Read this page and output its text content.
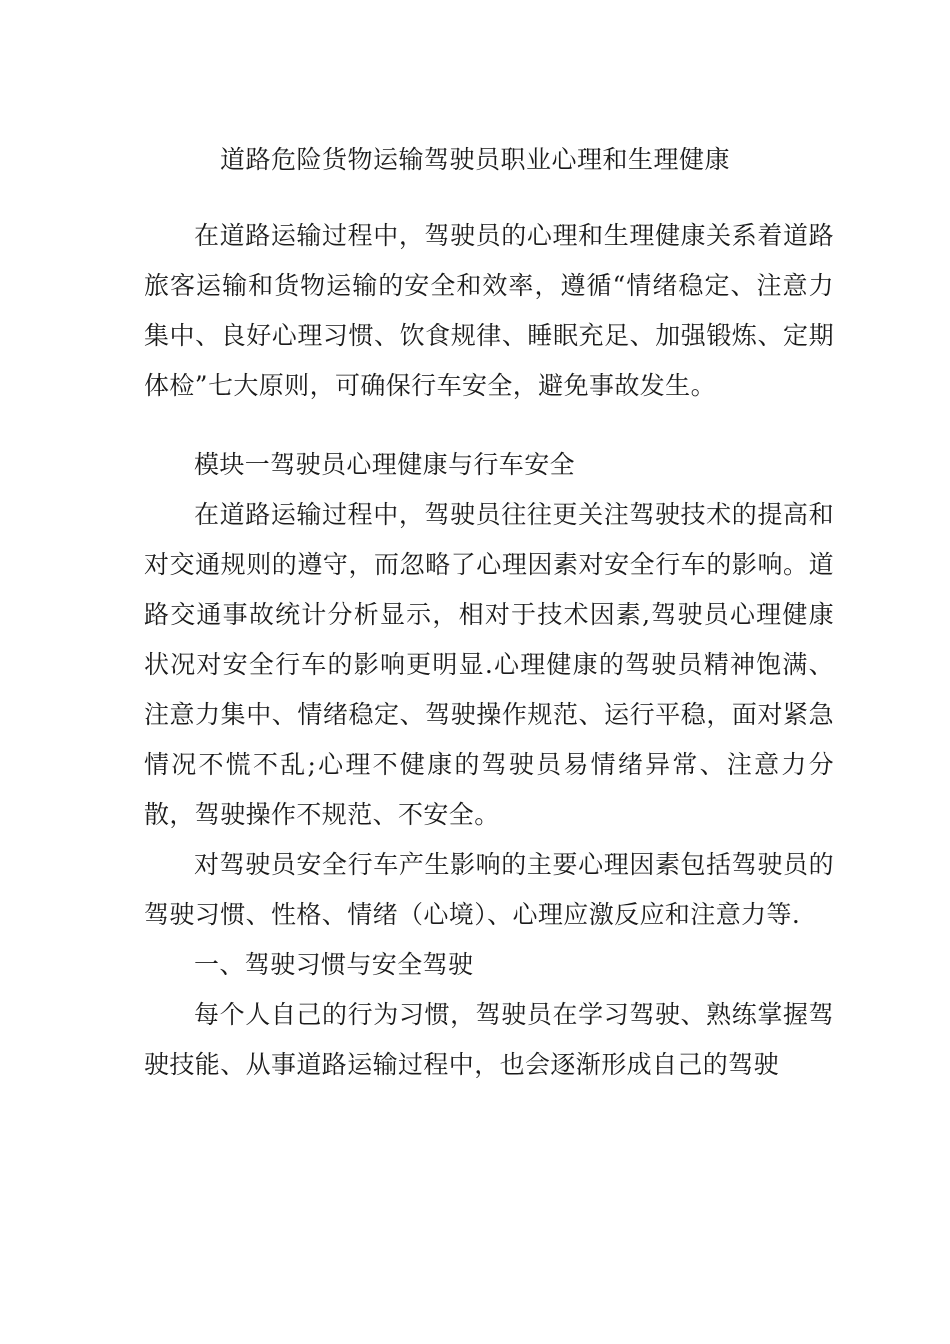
道路危险货物运输驾驶员职业心理和生理健康

在道路运输过程中，驾驶员的心理和生理健康关系着道路旅客运输和货物运输的安全和效率，遵循“情绪稳定、注意力集中、良好心理习惯、饮食规律、睡眠充足、加强锻炼、定期体检”七大原则，可确保行车安全，避免事故发生。

模块一驾驶员心理健康与行车安全

在道路运输过程中，驾驶员往往更关注驾驶技术的提高和对交通规则的遵守，而忽略了心理因素对安全行车的影响。道路交通事故统计分析显示，相对于技术因素,驾驶员心理健康状况对安全行车的影响更明显.心理健康的驾驶员精神饱满、注意力集中、情绪稳定、驾驶操作规范、运行平稳，面对紧急情况不慌不乱;心理不健康的驾驶员易情绪异常、注意力分散，驾驶操作不规范、不安全。

对驾驶员安全行车产生影响的主要心理因素包括驾驶员的驾驶习惯、性格、情绪（心境）、心理应激反应和注意力等.

一、驾驶习惯与安全驾驶

每个人自己的行为习惯，驾驶员在学习驾驶、熟练掌握驾驶技能、从事道路运输过程中，也会逐渐形成自己的驾驶
